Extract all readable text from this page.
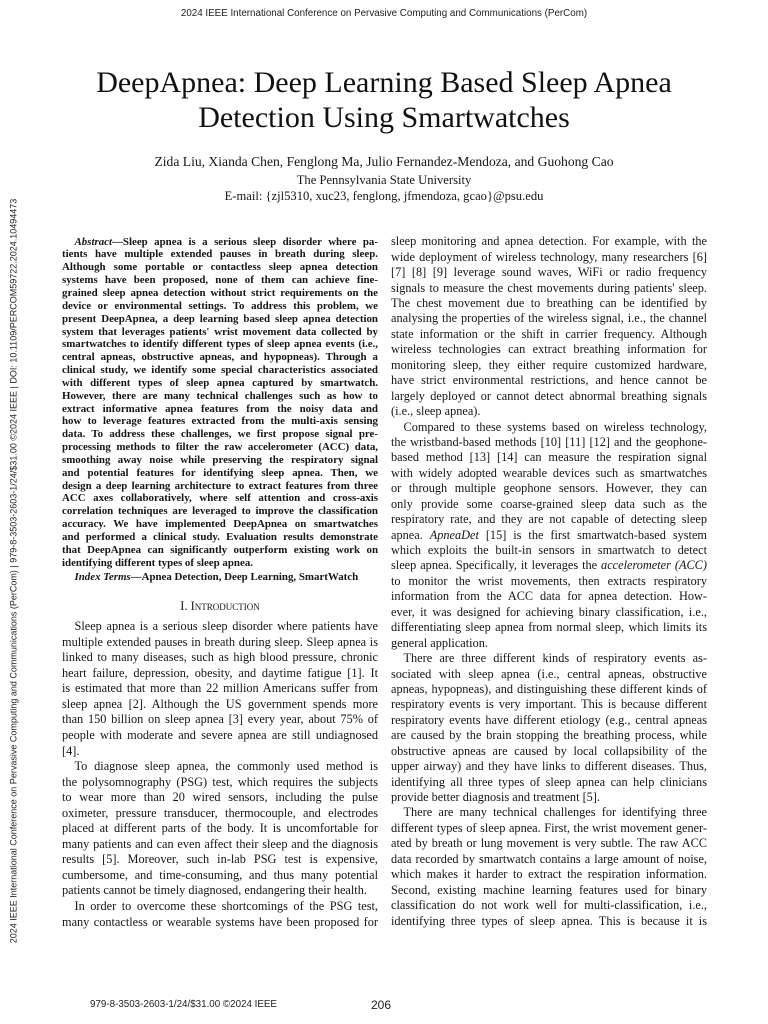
2024 IEEE International Conference on Pervasive Computing and Communications (PerCom)
2024 IEEE International Conference on Pervasive Computing and Communications (PerCom) | 979-8-3503-2603-1/24/$31.00 ©2024 IEEE | DOI: 10.1109/PERCOM59722.2024.10494473
DeepApnea: Deep Learning Based Sleep Apnea
Detection Using Smartwatches
Zida Liu, Xianda Chen, Fenglong Ma, Julio Fernandez-Mendoza, and Guohong Cao
The Pennsylvania State University
E-mail: {zjl5310, xuc23, fenglong, jfmendoza, gcao}@psu.edu
Abstract—Sleep apnea is a serious sleep disorder where pa-
tients have multiple extended pauses in breath during sleep.
Although some portable or contactless sleep apnea detection
systems have been proposed, none of them can achieve fine-
grained sleep apnea detection without strict requirements on the
device or environmental settings. To address this problem, we
present DeepApnea, a deep learning based sleep apnea detection
system that leverages patients' wrist movement data collected by
smartwatches to identify different types of sleep apnea events (i.e.,
central apneas, obstructive apneas, and hypopneas). Through a
clinical study, we identify some special characteristics associated
with different types of sleep apnea captured by smartwatch.
However, there are many technical challenges such as how to
extract informative apnea features from the noisy data and
how to leverage features extracted from the multi-axis sensing
data. To address these challenges, we first propose signal pre-
processing methods to filter the raw accelerometer (ACC) data,
smoothing away noise while preserving the respiratory signal
and potential features for identifying sleep apnea. Then, we
design a deep learning architecture to extract features from three
ACC axes collaboratively, where self attention and cross-axis
correlation techniques are leveraged to improve the classification
accuracy. We have implemented DeepApnea on smartwatches
and performed a clinical study. Evaluation results demonstrate
that DeepApnea can significantly outperform existing work on
identifying different types of sleep apnea.
Index Terms—Apnea Detection, Deep Learning, SmartWatch
I. Introduction
Sleep apnea is a serious sleep disorder where patients have
multiple extended pauses in breath during sleep. Sleep apnea is
linked to many diseases, such as high blood pressure, chronic
heart failure, depression, obesity, and daytime fatigue [1]. It
is estimated that more than 22 million Americans suffer from
sleep apnea [2]. Although the US government spends more
than 150 billion on sleep apnea [3] every year, about 75% of
people with moderate and severe apnea are still undiagnosed
[4].
To diagnose sleep apnea, the commonly used method is
the polysomnography (PSG) test, which requires the subjects
to wear more than 20 wired sensors, including the pulse
oximeter, pressure transducer, thermocouple, and electrodes
placed at different parts of the body. It is uncomfortable for
many patients and can even affect their sleep and the diagnosis
results [5]. Moreover, such in-lab PSG test is expensive,
cumbersome, and time-consuming, and thus many potential
patients cannot be timely diagnosed, endangering their health.
In order to overcome these shortcomings of the PSG test,
many contactless or wearable systems have been proposed for
sleep monitoring and apnea detection. For example, with the
wide deployment of wireless technology, many researchers [6]
[7] [8] [9] leverage sound waves, WiFi or radio frequency
signals to measure the chest movements during patients' sleep.
The chest movement due to breathing can be identified by
analysing the properties of the wireless signal, i.e., the channel
state information or the shift in carrier frequency. Although
wireless technologies can extract breathing information for
monitoring sleep, they either require customized hardware,
have strict environmental restrictions, and hence cannot be
largely deployed or cannot detect abnormal breathing signals
(i.e., sleep apnea).
Compared to these systems based on wireless technology,
the wristband-based methods [10] [11] [12] and the geophone-
based method [13] [14] can measure the respiration signal
with widely adopted wearable devices such as smartwatches
or through multiple geophone sensors. However, they can
only provide some coarse-grained sleep data such as the
respiratory rate, and they are not capable of detecting sleep
apnea. ApneaDet [15] is the first smartwatch-based system
which exploits the built-in sensors in smartwatch to detect
sleep apnea. Specifically, it leverages the accelerometer (ACC)
to monitor the wrist movements, then extracts respiratory
information from the ACC data for apnea detection. How-
ever, it was designed for achieving binary classification, i.e.,
differentiating sleep apnea from normal sleep, which limits its
general application.
There are three different kinds of respiratory events as-
sociated with sleep apnea (i.e., central apneas, obstructive
apneas, hypopneas), and distinguishing these different kinds of
respiratory events is very important. This is because different
respiratory events have different etiology (e.g., central apneas
are caused by the brain stopping the breathing process, while
obstructive apneas are caused by local collapsibility of the
upper airway) and they have links to different diseases. Thus,
identifying all three types of sleep apnea can help clinicians
provide better diagnosis and treatment [5].
There are many technical challenges for identifying three
different types of sleep apnea. First, the wrist movement gener-
ated by breath or lung movement is very subtle. The raw ACC
data recorded by smartwatch contains a large amount of noise,
which makes it harder to extract the respiration information.
Second, existing machine learning features used for binary
classification do not work well for multi-classification, i.e.,
identifying three types of sleep apnea. This is because it is
979-8-3503-2603-1/24/$31.00 ©2024 IEEE	206
